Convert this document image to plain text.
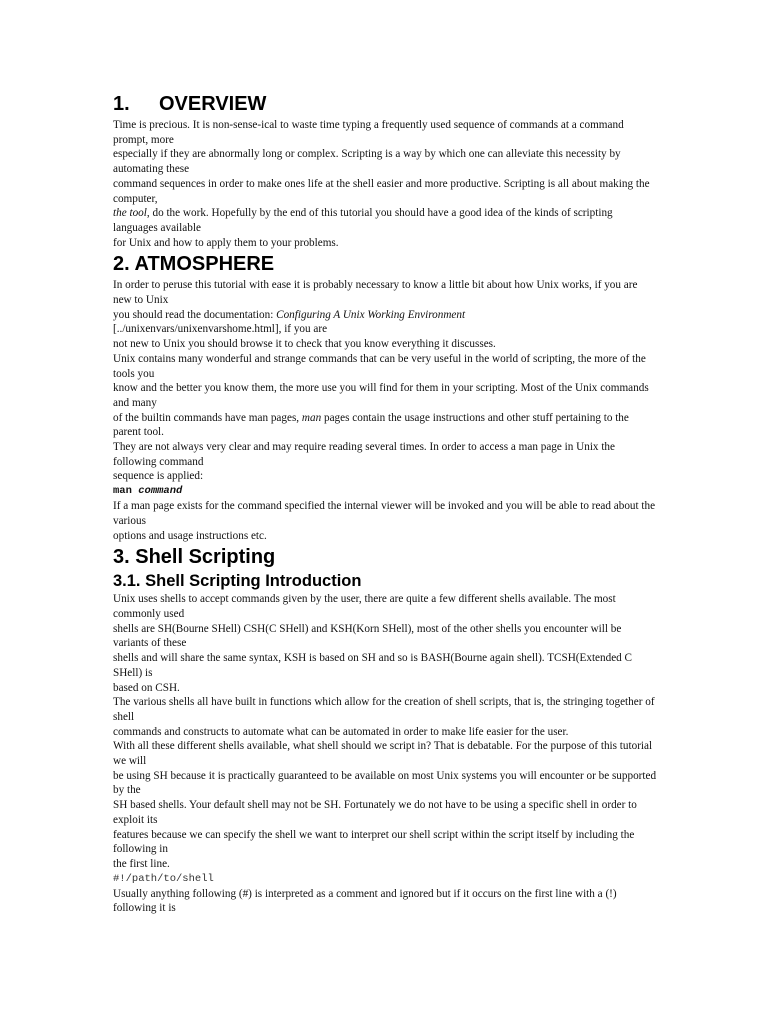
1. OVERVIEW

Time is precious. It is non-sense-ical to waste time typing a frequently used sequence of commands at a command prompt, more

especially if they are abnormally long or complex. Scripting is a way by which one can alleviate this necessity by automating these

command sequences in order to make ones life at the shell easier and more productive. Scripting is all about making the computer,

the tool, do the work. Hopefully by the end of this tutorial you should have a good idea of the kinds of scripting languages available

for Unix and how to apply them to your problems.

2. ATMOSPHERE

In order to peruse this tutorial with ease it is probably necessary to know a little bit about how Unix works, if you are new to Unix

you should read the documentation: Configuring A Unix Working Environment

[../unixenvars/unixenvarshome.html], if you are

not new to Unix you should browse it to check that you know everything it discusses.

Unix contains many wonderful and strange commands that can be very useful in the world of scripting, the more of the tools you

know and the better you know them, the more use you will find for them in your scripting. Most of the Unix commands and many

of the builtin commands have man pages, man pages contain the usage instructions and other stuff pertaining to the parent tool.

They are not always very clear and may require reading several times. In order to access a man page in Unix the following command

sequence is applied:

man command

If a man page exists for the command specified the internal viewer will be invoked and you will be able to read about the various

options and usage instructions etc.

3. Shell Scripting
3.1. Shell Scripting Introduction

Unix uses shells to accept commands given by the user, there are quite a few different shells available. The most commonly used

shells are SH(Bourne SHell) CSH(C SHell) and KSH(Korn SHell), most of the other shells you encounter will be variants of these

shells and will share the same syntax, KSH is based on SH and so is BASH(Bourne again shell). TCSH(Extended C SHell) is

based on CSH.

The various shells all have built in functions which allow for the creation of shell scripts, that is, the stringing together of shell

commands and constructs to automate what can be automated in order to make life easier for the user.

With all these different shells available, what shell should we script in? That is debatable. For the purpose of this tutorial we will

be using SH because it is practically guaranteed to be available on most Unix systems you will encounter or be supported by the

SH based shells. Your default shell may not be SH. Fortunately we do not have to be using a specific shell in order to exploit its

features because we can specify the shell we want to interpret our shell script within the script itself by including the following in

the first line.

#!/path/to/shell

Usually anything following (#) is interpreted as a comment and ignored but if it occurs on the first line with a (!) following it is
